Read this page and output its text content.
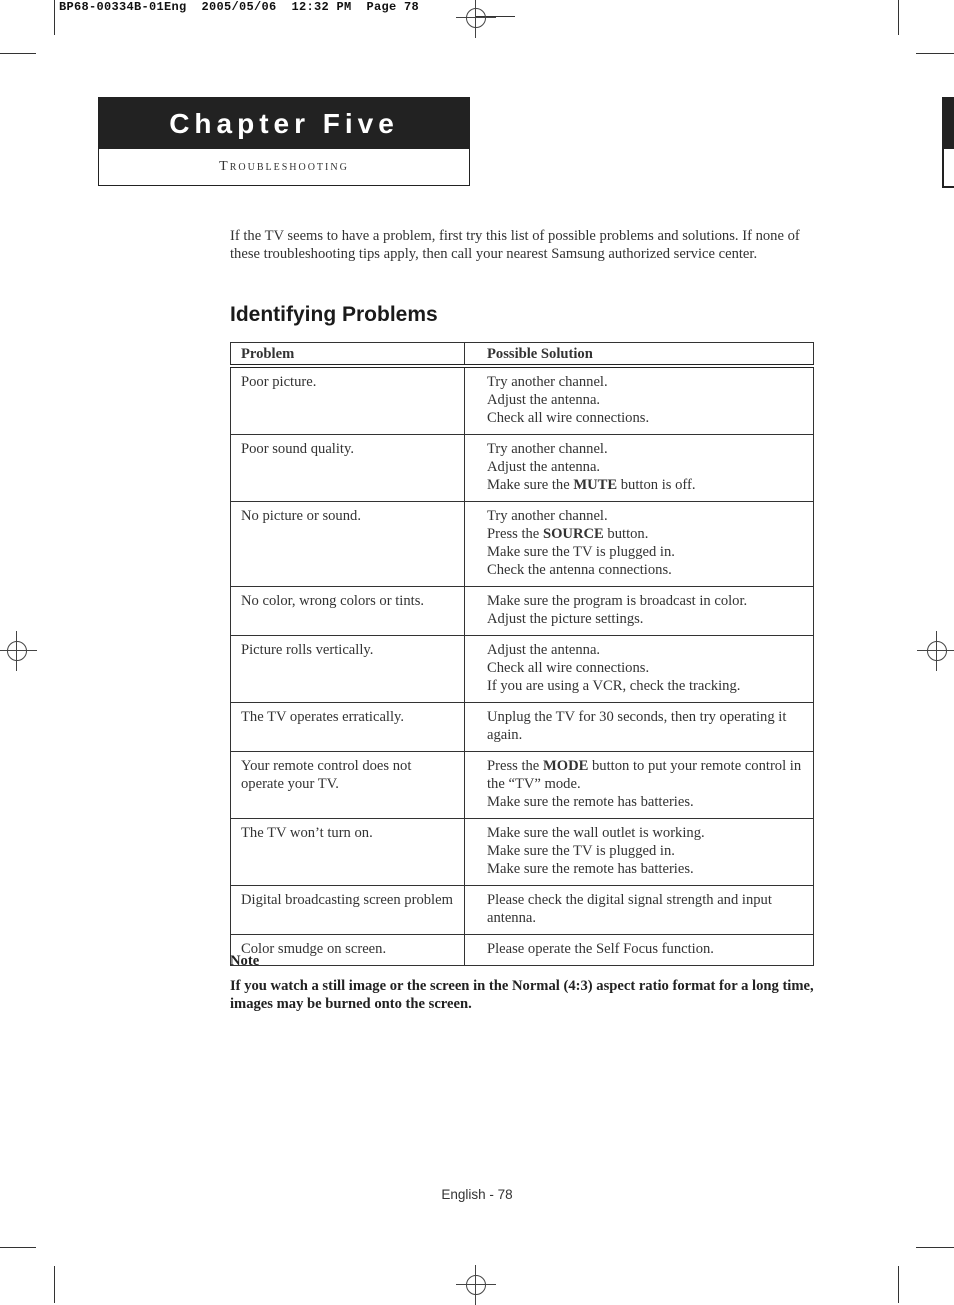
BP68-00334B-01Eng  2005/05/06  12:32 PM  Page 78
Chapter Five
Troubleshooting
If the TV seems to have a problem, first try this list of possible problems and solutions. If none of these troubleshooting tips apply, then call your nearest Samsung authorized service center.
Identifying Problems
Problem	Possible Solution
Poor picture.	Try another channel.
Adjust the antenna.
Check all wire connections.

Poor sound quality.	Try another channel.
Adjust the antenna.
Make sure the MUTE button is off.

No picture or sound.	Try another channel.
Press the SOURCE button.
Make sure the TV is plugged in.
Check the antenna connections.

No color, wrong colors or tints.	Make sure the program is broadcast in color.
Adjust the picture settings.

Picture rolls vertically.	Adjust the antenna.
Check all wire connections.
If you are using a VCR, check the tracking.

The TV operates erratically.	Unplug the TV for 30 seconds, then try operating it again.

Your remote control does not operate your TV.	Press the MODE button to put your remote control in the “TV” mode.
Make sure the remote has batteries.

The TV won’t turn on.	Make sure the wall outlet is working.
Make sure the TV is plugged in.
Make sure the remote has batteries.

Digital broadcasting screen problem	Please check the digital signal strength and input antenna.

Color smudge on screen.	Please operate the Self Focus function.
Note
If you watch a still image or the screen in the Normal (4:3) aspect ratio format for a long time, images may be burned onto the screen.
English - 78
